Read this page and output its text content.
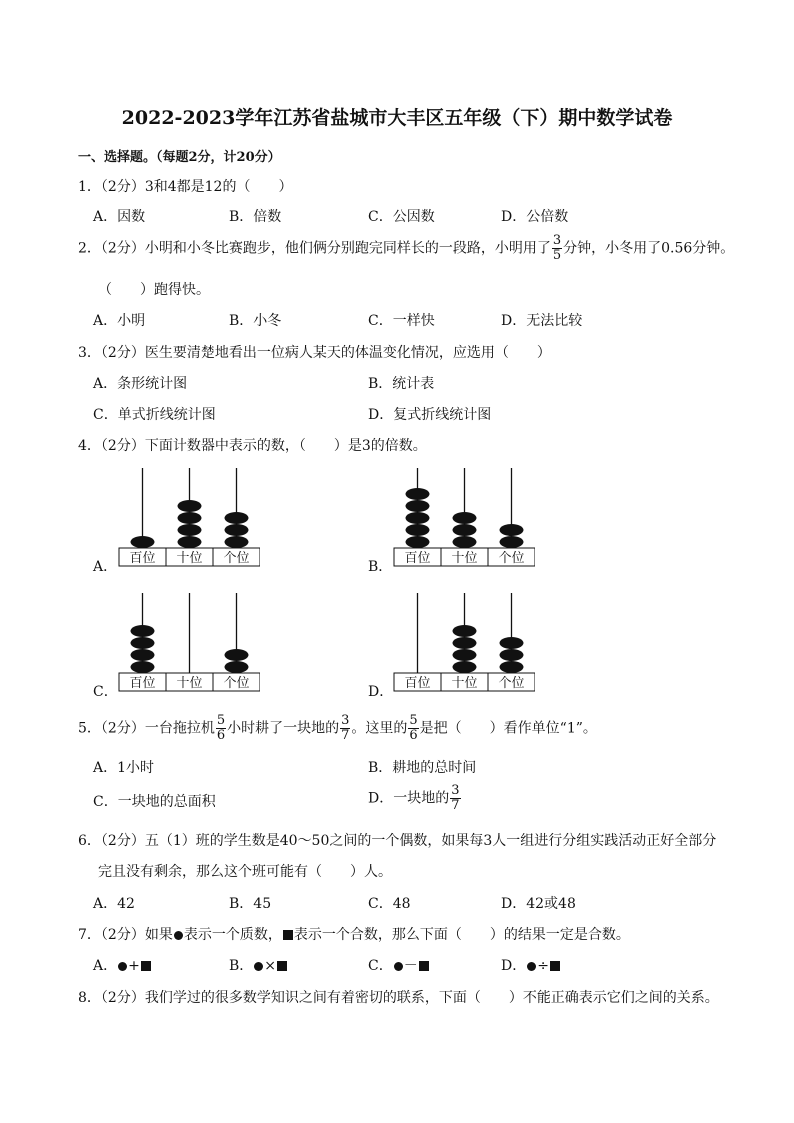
2022-2023学年江苏省盐城市大丰区五年级（下）期中数学试卷
一、选择题。（每题2分，计20分）
1．（2分）3和4都是12的（　　）
A．因数	B．倍数	C．公因数	D．公倍数
2．（2分）小明和小冬比赛跑步，他们俩分别跑完同样长的一段路，小明用了 $\frac{3}{5}$ 分钟，小冬用了0.56分钟。
（　　）跑得快。
A．小明	B．小冬	C．一样快	D．无法比较
3．（2分）医生要清楚地看出一位病人某天的体温变化情况，应选用（　　）
A．条形统计图	B．统计表
C．单式折线统计图	D．复式折线统计图
4．（2分）下面计数器中表示的数，（　　）是3的倍数。
A．
百位 十位 个位
B．
百位 十位 个位
C．
百位 十位 个位
D．
百位 十位 个位
5．（2分）一台拖拉机 $\frac{5}{6}$ 小时耕了一块地的 $\frac{3}{7}$ 。这里的 $\frac{5}{6}$ 是把（　　）看作单位“1”。
A．1小时	B．耕地的总时间
C．一块地的总面积	D．一块地的 $\frac{3}{7}$
6．（2分）五（1）班的学生数是40～50之间的一个偶数，如果每3人一组进行分组实践活动正好全部分
完且没有剩余，那么这个班可能有（　　）人。
A．42	B．45	C．48	D．42或48
7．（2分）如果 表示一个质数， 表示一个合数，那么下面（　　）的结果一定是合数。
A． +	B． ×	C． －	D． ÷
8．（2分）我们学过的很多数学知识之间有着密切的联系，下面（　　）不能正确表示它们之间的关系。
